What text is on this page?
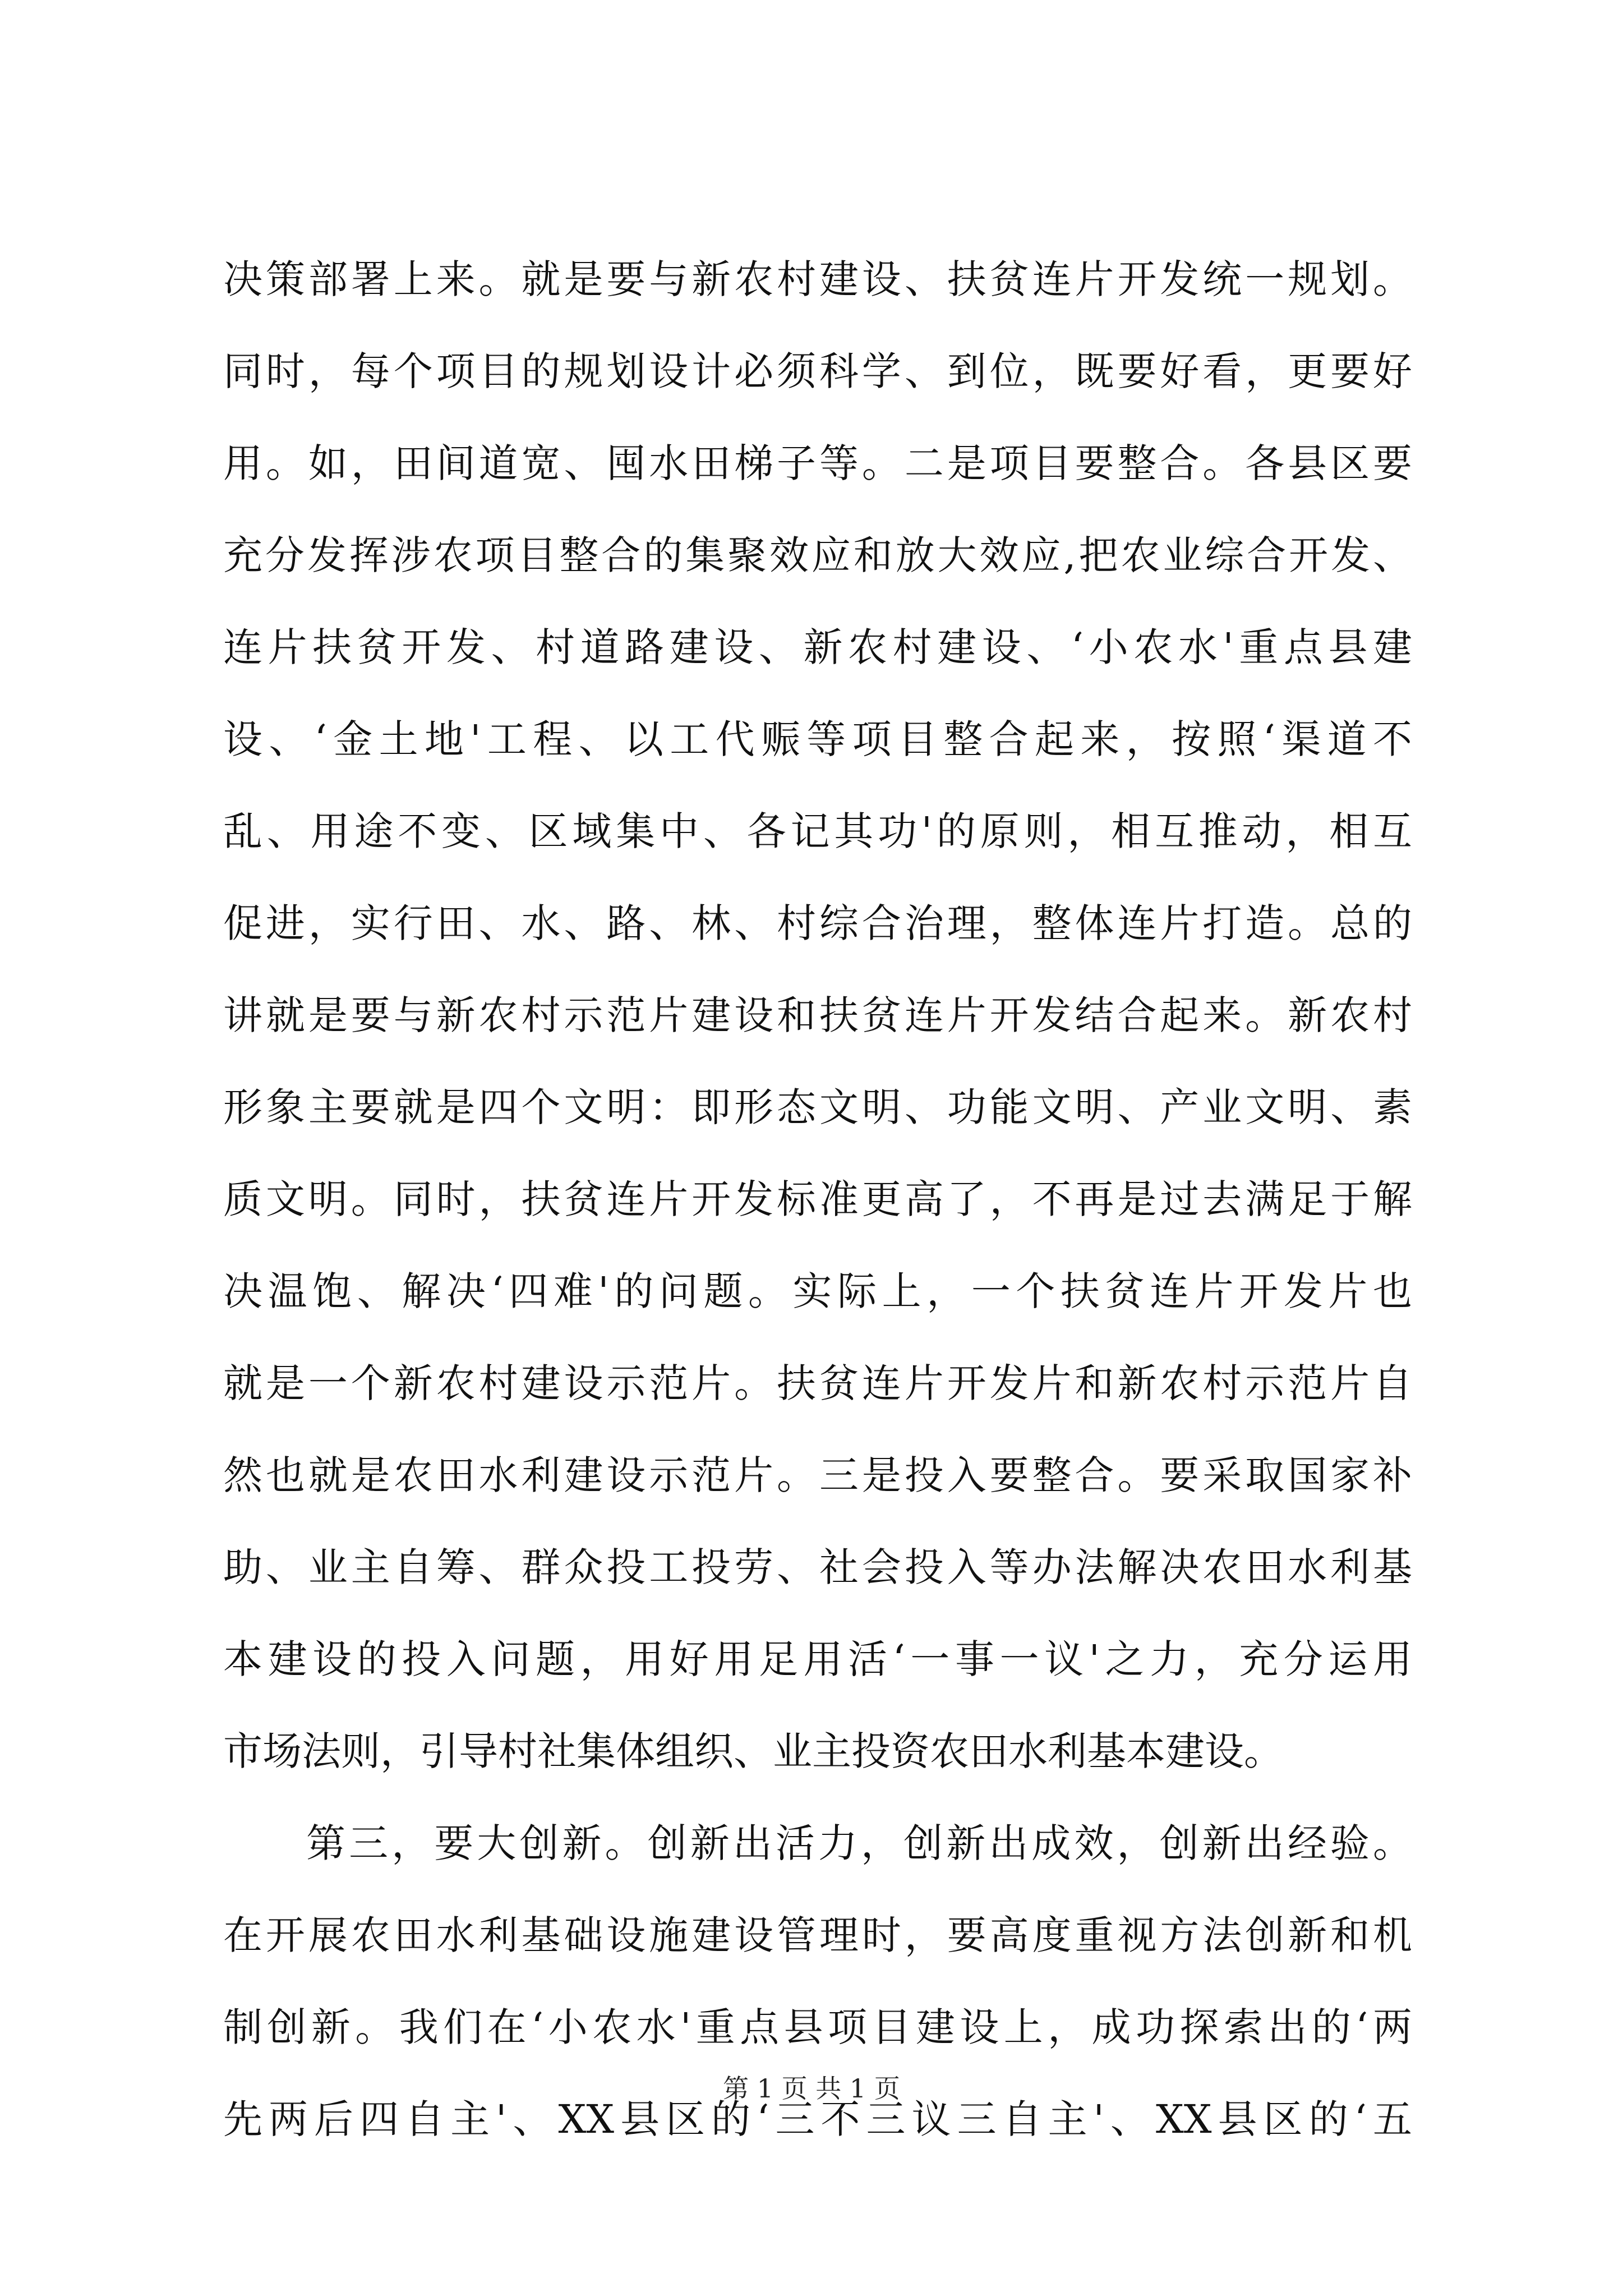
决策部署上来。就是要与新农村建设、扶贫连片开发统一规划。
同时，每个项目的规划设计必须科学、到位，既要好看，更要好
用。如，田间道宽、囤水田梯子等。二是项目要整合。各县区要
充分发挥涉农项目整合的集聚效应和放大效应,把农业综合开发、
连片扶贫开发、村道路建设、新农村建设、‘小农水'重点县建
设、‘金土地'工程、以工代赈等项目整合起来，按照‘渠道不
乱、用途不变、区域集中、各记其功'的原则，相互推动，相互
促进，实行田、水、路、林、村综合治理，整体连片打造。总的
讲就是要与新农村示范片建设和扶贫连片开发结合起来。新农村
形象主要就是四个文明：即形态文明、功能文明、产业文明、素
质文明。同时，扶贫连片开发标准更高了，不再是过去满足于解
决温饱、解决‘四难'的问题。实际上，一个扶贫连片开发片也
就是一个新农村建设示范片。扶贫连片开发片和新农村示范片自
然也就是农田水利建设示范片。三是投入要整合。要采取国家补
助、业主自筹、群众投工投劳、社会投入等办法解决农田水利基
本建设的投入问题，用好用足用活‘一事一议'之力，充分运用
市场法则，引导村社集体组织、业主投资农田水利基本建设。
第三，要大创新。创新出活力，创新出成效，创新出经验。
在开展农田水利基础设施建设管理时，要高度重视方法创新和机
制创新。我们在‘小农水'重点县项目建设上，成功探索出的‘两
先两后四自主'、XX县区的‘三不三议三自主'、XX县区的‘五
第 1 页 共 1 页
